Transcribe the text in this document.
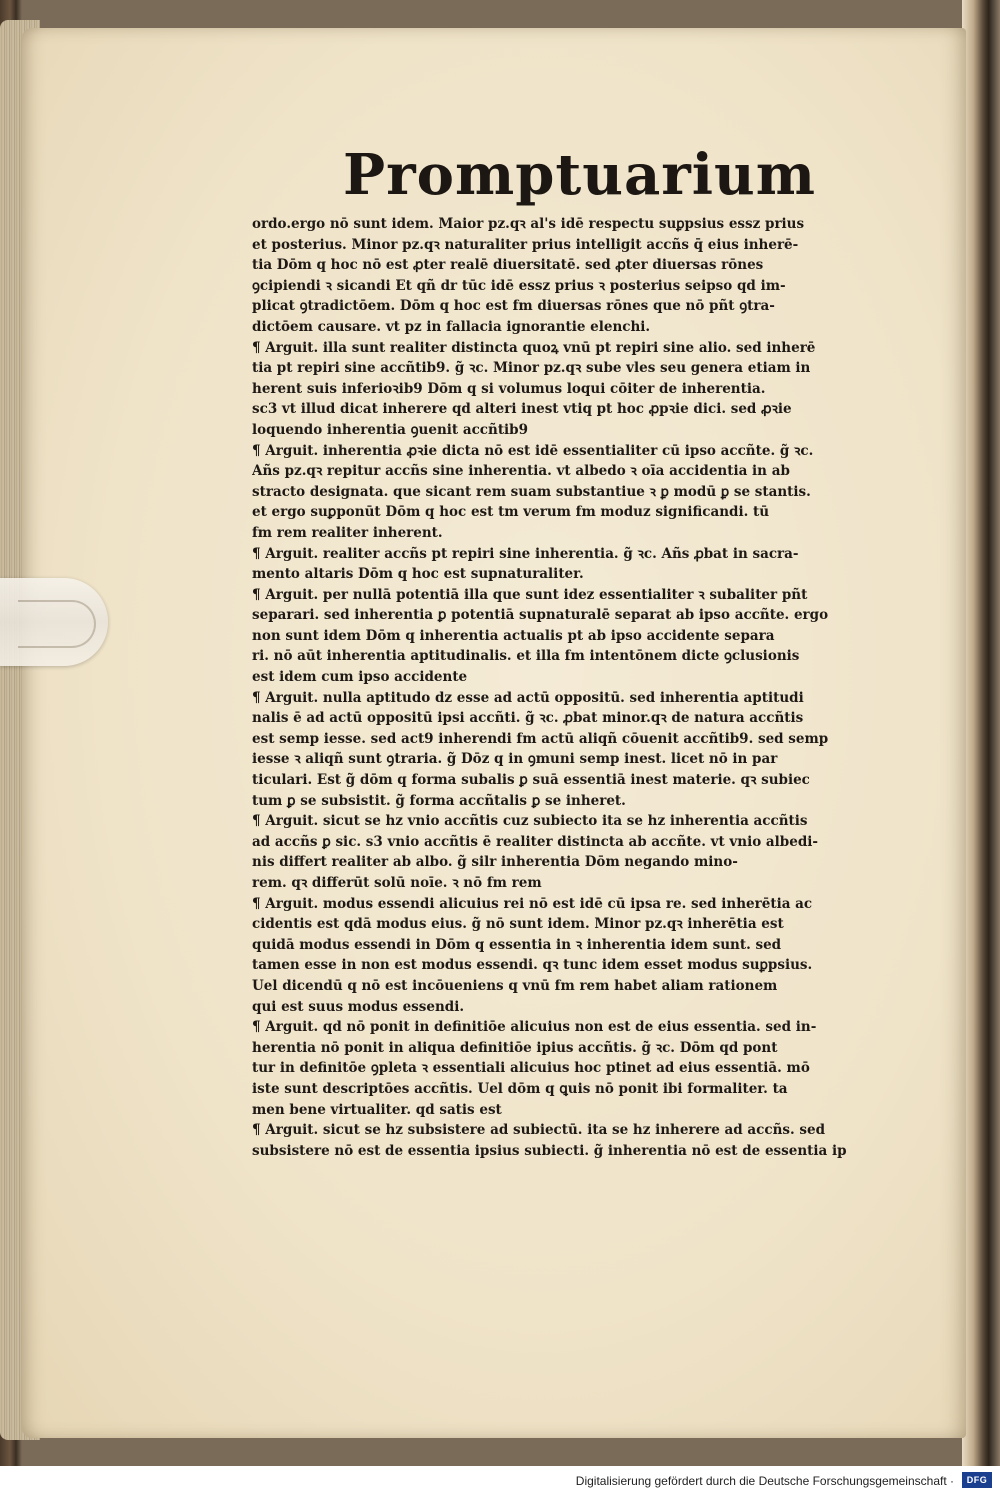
Promptuarium
ordo.ergo nō sunt idem. Maior pz.qꝛ al's idē respectu suꝑpsius essz prius
et posterius. Minor pz.qꝛ naturaliter prius intelligit accñs q̄ eius inherē-
tia Dōm q hoc nō est ꝓter realē diuersitatē. sed ꝓter diuersas rōnes
ꝯcipiendi ꝛ sicandi Et qñ dr tūc idē essz prius ꝛ posterius seipso qd im-
plicat ꝯtradictōem. Dōm q hoc est fm diuersas rōnes que nō pñt ꝯtra-
dictōem causare. vt pz in fallacia ignorantie elenchi.
¶ Arguit. illa sunt realiter distincta quoꝝ vnū pt repiri sine alio. sed inherē
tia pt repiri sine accñtib9. g̃ ꝛc. Minor pz.qꝛ sube vles seu genera etiam in
herent suis inferioꝛib9 Dōm q si volumus loqui cōiter de inherentia.
sc3 vt illud dicat inherere qd alteri inest vtiq pt hoc ꝓpꝛie dici. sed ꝓꝛie
loquendo inherentia ꝯuenit accñtib9
¶ Arguit. inherentia ꝓꝛie dicta nō est idē essentialiter cū ipso accñte. g̃ ꝛc.
Añs pz.qꝛ repitur accñs sine inherentia. vt albedo ꝛ oīa accidentia in ab
stracto designata. que sicant rem suam substantiue ꝛ ꝑ modū ꝑ se stantis.
et ergo suꝑponūt Dōm q hoc est tm verum fm moduz significandi. tū
fm rem realiter inherent.
¶ Arguit. realiter accñs pt repiri sine inherentia. g̃ ꝛc. Añs ꝓbat in sacra-
mento altaris Dōm q hoc est supnaturaliter.
¶ Arguit. per nullā potentiā illa que sunt idez essentialiter ꝛ subaliter pñt
separari. sed inherentia ꝑ potentiā supnaturalē separat ab ipso accñte. ergo
non sunt idem Dōm q inherentia actualis pt ab ipso accidente separa
ri. nō aūt inherentia aptitudinalis. et illa fm intentōnem dicte ꝯclusionis
est idem cum ipso accidente
¶ Arguit. nulla aptitudo dz esse ad actū oppositū. sed inherentia aptitudi
nalis ē ad actū oppositū ipsi accñti. g̃ ꝛc. ꝓbat minor.qꝛ de natura accñtis
est semp iesse. sed act9 inherendi fm actū aliqñ cōuenit accñtib9. sed semp
iesse ꝛ aliqñ sunt ꝯtraria. g̃ Dōz q in ꝯmuni semp inest. licet nō in par
ticulari. Est g̃ dōm q forma subalis ꝑ suā essentiā inest materie. qꝛ subiec
tum ꝑ se subsistit. g̃ forma accñtalis ꝑ se inheret.
¶ Arguit. sicut se hz vnio accñtis cuz subiecto ita se hz inherentia accñtis
ad accñs ꝑ sic. s3 vnio accñtis ē realiter distincta ab accñte. vt vnio albedi-
nis differt realiter ab albo. g̃ silr inherentia Dōm negando mino-
rem. qꝛ differūt solū noīe. ꝛ nō fm rem
¶ Arguit. modus essendi alicuius rei nō est idē cū ipsa re. sed inherētia ac
cidentis est qdā modus eius. g̃ nō sunt idem. Minor pz.qꝛ inherētia est
quidā modus essendi in Dōm q essentia in ꝛ inherentia idem sunt. sed
tamen esse in non est modus essendi. qꝛ tunc idem esset modus suꝑpsius.
Uel dicendū q nō est incōueniens q vnū fm rem habet aliam rationem
qui est suus modus essendi.
¶ Arguit. qd nō ponit in definitiōe alicuius non est de eius essentia. sed in-
herentia nō ponit in aliqua definitiōe ipius accñtis. g̃ ꝛc. Dōm qd pont
tur in definitōe ꝯpleta ꝛ essentiali alicuius hoc ptinet ad eius essentiā. mō
iste sunt descriptōes accñtis. Uel dōm q ꝗuis nō ponit ibi formaliter. ta
men bene virtualiter. qd satis est
¶ Arguit. sicut se hz subsistere ad subiectū. ita se hz inherere ad accñs. sed
subsistere nō est de essentia ipsius subiecti. g̃ inherentia nō est de essentia ip
Digitalisierung gefördert durch die Deutsche Forschungsgemeinschaft ·	DFG
